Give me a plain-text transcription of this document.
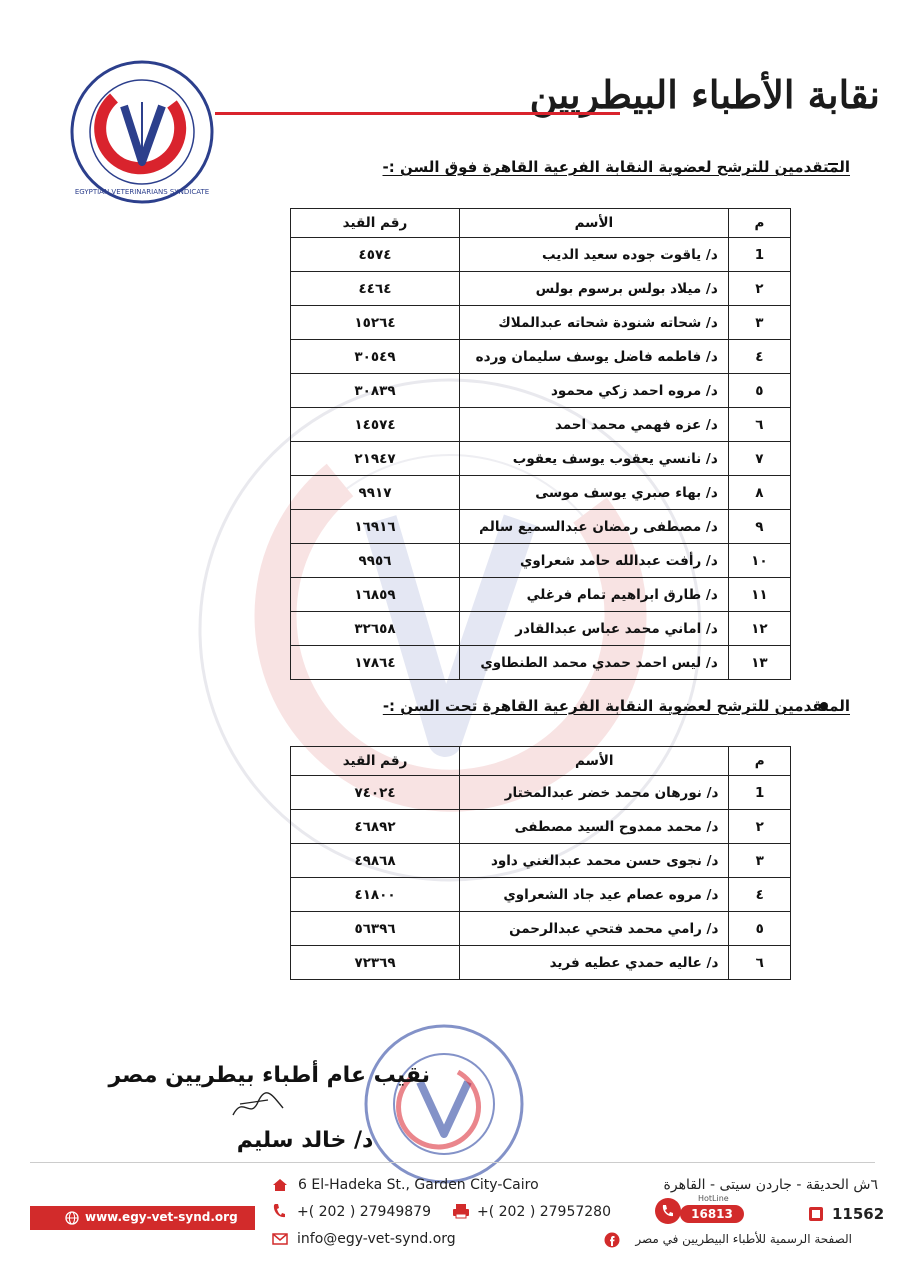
EGYPTIAN VETERINARIANS SYNDICATE
نقابة الأطباء البيطريين
المتقدمين للترشح لعضوية النقابة الفرعية القاهرة فوق السن :-
م	الأسم	رقم القيد
1	د/ ياقوت جوده سعيد الديب	٤٥٧٤
٢	د/ ميلاد بولس برسوم بولس	٤٤٦٤
٣	د/ شحاته شنودة شحاته عبدالملاك	١٥٢٦٤
٤	د/ فاطمه فاضل يوسف سليمان ورده	٣٠٥٤٩
٥	د/ مروه احمد زكي محمود	٣٠٨٣٩
٦	د/ عزه فهمي محمد احمد	١٤٥٧٤
٧	د/ نانسي يعقوب يوسف يعقوب	٢١٩٤٧
٨	د/ بهاء صبري يوسف موسى	٩٩١٧
٩	د/ مصطفى رمضان عبدالسميع سالم	١٦٩١٦
١٠	د/ رأفت عبدالله حامد شعراوي	٩٩٥٦
١١	د/ طارق ابراهيم تمام فرغلي	١٦٨٥٩
١٢	د/ اماني محمد عباس عبدالقادر	٣٢٦٥٨
١٣	د/ ليس احمد حمدي محمد الطنطاوي	١٧٨٦٤
المتقدمين للترشح لعضوية النقابة الفرعية القاهرة تحت السن :-
م	الأسم	رقم القيد
1	د/ نورهان محمد خضر عبدالمختار	٧٤٠٢٤
٢	د/ محمد ممدوح السيد مصطفى	٤٦٨٩٢
٣	د/ نجوى حسن محمد عبدالغني داود	٤٩٨٦٨
٤	د/ مروه عصام عيد جاد الشعراوي	٤١٨٠٠
٥	د/ رامي محمد فتحي عبدالرحمن	٥٦٣٩٦
٦	د/ عاليه حمدي عطيه فريد	٧٢٣٦٩
نقيب عام أطباء بيطريين مصر
د/ خالد سليم
6 El-Hadeka St., Garden City-Cairo
+( 202 ) 27949879	+( 202 ) 27957280
info@egy-vet-synd.org
www.egy-vet-synd.org
٦ش الحديقة - جاردن سيتى - القاهرة
HotLine
16813	11562
الصفحة الرسمية للأطباء البيطريين في مصر
